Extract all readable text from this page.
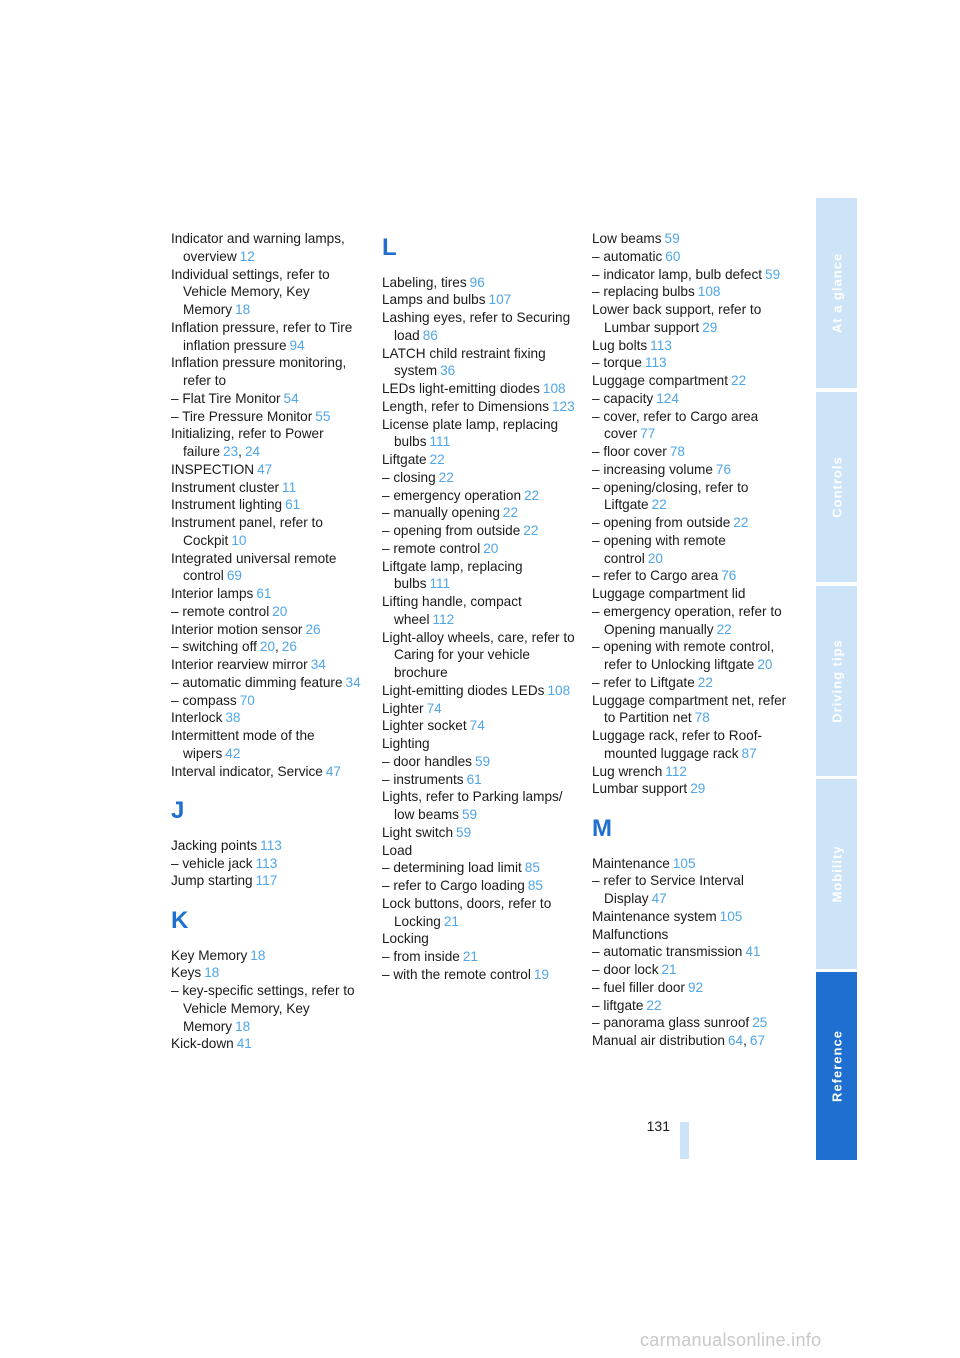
Indicator and warning lamps, overview 12
Individual settings, refer to Vehicle Memory, Key Memory 18
Inflation pressure, refer to Tire inflation pressure 94
Inflation pressure monitoring, refer to
– Flat Tire Monitor 54
– Tire Pressure Monitor 55
Initializing, refer to Power failure 23, 24
INSPECTION 47
Instrument cluster 11
Instrument lighting 61
Instrument panel, refer to Cockpit 10
Integrated universal remote control 69
Interior lamps 61
– remote control 20
Interior motion sensor 26
– switching off 20, 26
Interior rearview mirror 34
– automatic dimming feature 34
– compass 70
Interlock 38
Intermittent mode of the wipers 42
Interval indicator, Service 47
J
Jacking points 113
– vehicle jack 113
Jump starting 117
K
Key Memory 18
Keys 18
– key-specific settings, refer to Vehicle Memory, Key Memory 18
Kick-down 41
L
Labeling, tires 96
Lamps and bulbs 107
Lashing eyes, refer to Securing load 86
LATCH child restraint fixing system 36
LEDs light-emitting diodes 108
Length, refer to Dimensions 123
License plate lamp, replacing bulbs 111
Liftgate 22
– closing 22
– emergency operation 22
– manually opening 22
– opening from outside 22
– remote control 20
Liftgate lamp, replacing bulbs 111
Lifting handle, compact wheel 112
Light-alloy wheels, care, refer to Caring for your vehicle brochure
Light-emitting diodes LEDs 108
Lighter 74
Lighter socket 74
Lighting
– door handles 59
– instruments 61
Lights, refer to Parking lamps/ low beams 59
Light switch 59
Load
– determining load limit 85
– refer to Cargo loading 85
Lock buttons, doors, refer to Locking 21
Locking
– from inside 21
– with the remote control 19
Low beams 59
– automatic 60
– indicator lamp, bulb defect 59
– replacing bulbs 108
Lower back support, refer to Lumbar support 29
Lug bolts 113
– torque 113
Luggage compartment 22
– capacity 124
– cover, refer to Cargo area cover 77
– floor cover 78
– increasing volume 76
– opening/closing, refer to Liftgate 22
– opening from outside 22
– opening with remote control 20
– refer to Cargo area 76
Luggage compartment lid
– emergency operation, refer to Opening manually 22
– opening with remote control, refer to Unlocking liftgate 20
– refer to Liftgate 22
Luggage compartment net, refer to Partition net 78
Luggage rack, refer to Roof-mounted luggage rack 87
Lug wrench 112
Lumbar support 29
M
Maintenance 105
– refer to Service Interval Display 47
Maintenance system 105
Malfunctions
– automatic transmission 41
– door lock 21
– fuel filler door 92
– liftgate 22
– panorama glass sunroof 25
Manual air distribution 64, 67
At a glance
Controls
Driving tips
Mobility
Reference
131
carmanualsonline.info
